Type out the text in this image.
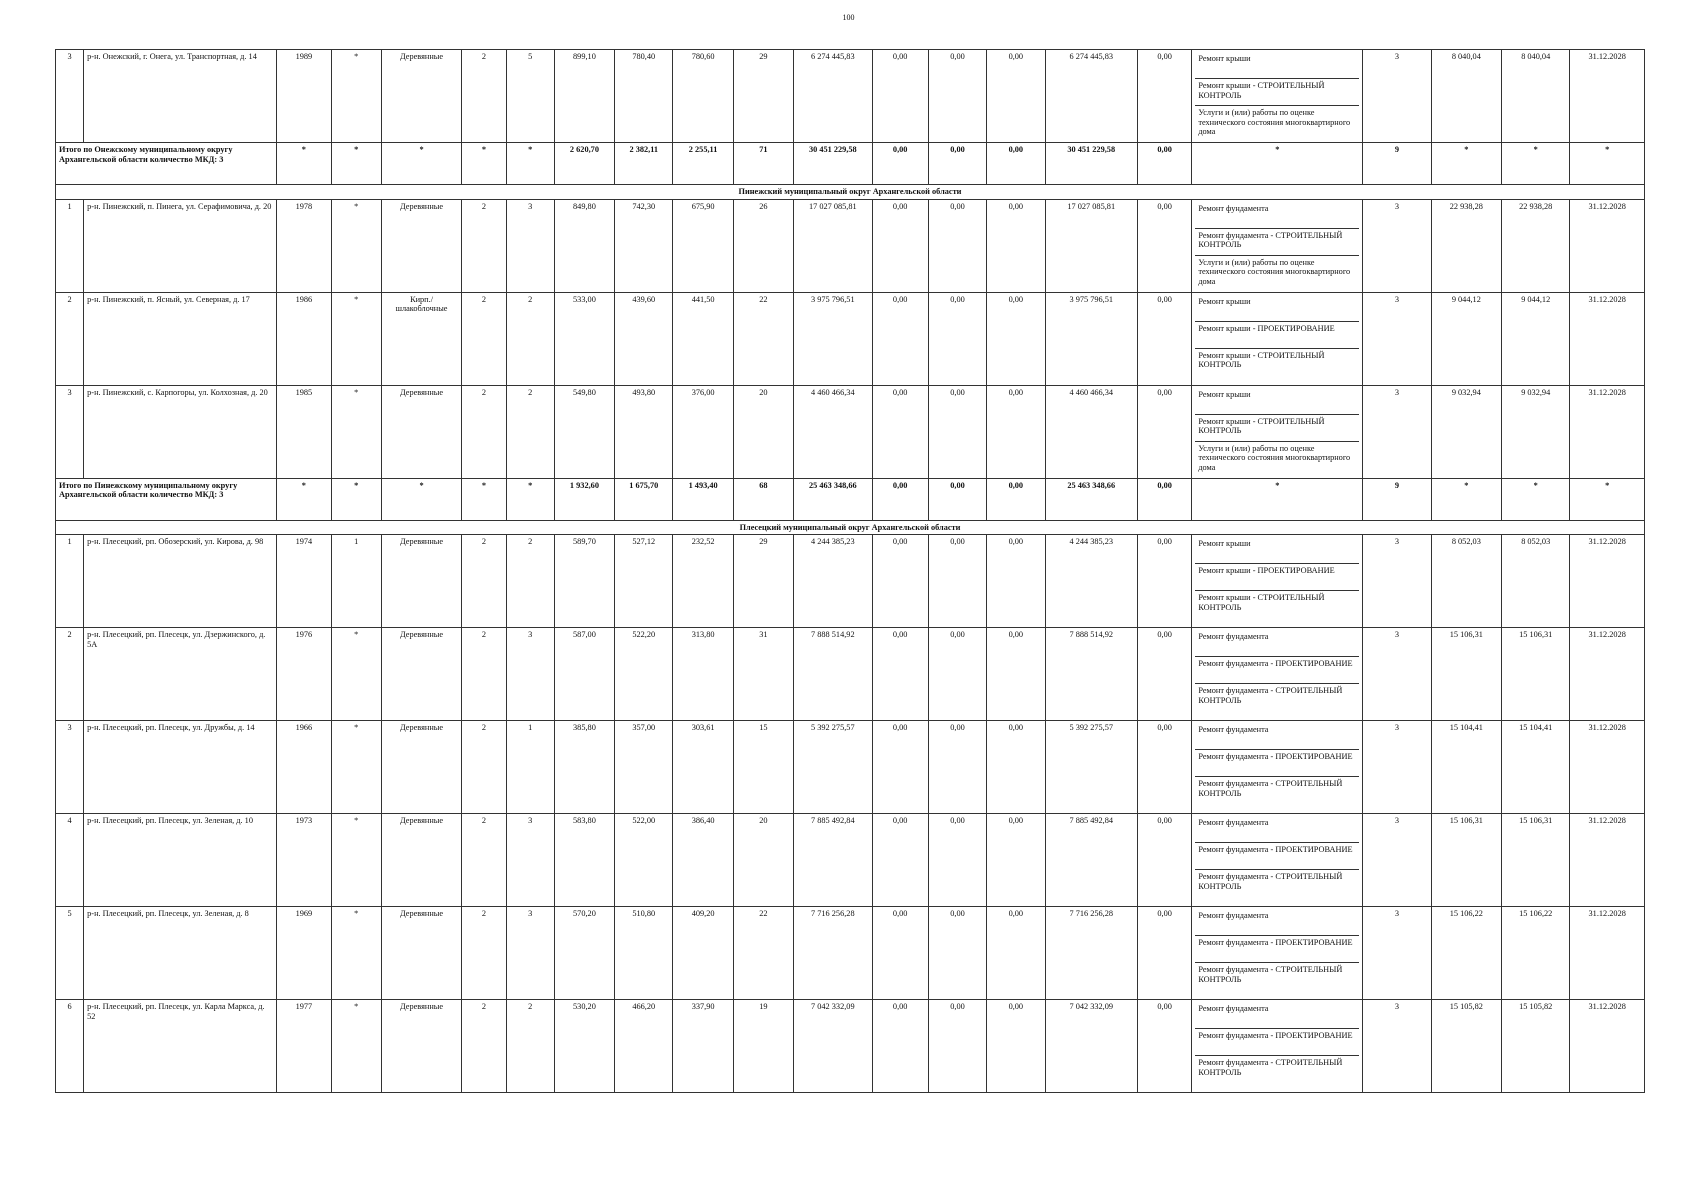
100
3	р-н. Онежский, г. Онега, ул. Транспортная, д. 14	1989	*	Деревянные	2	5	899,10	780,40	780,60	29	6 274 445,83	0,00	0,00	0,00	6 274 445,83	0,00	Ремонт крыши
Ремонт крыши - СТРОИТЕЛЬНЫЙ КОНТРОЛЬ
Услуги и (или) работы по оценке технического состояния многоквартирного дома	3	8 040,04	8 040,04	31.12.2028
Итого по Онежскому муниципальному округу Архангельской области количество МКД: 3		*	*	*	*	*	2 620,70	2 382,11	2 255,11	71	30 451 229,58	0,00	0,00	0,00	30 451 229,58	0,00	*	9	*	*	*
Пинежский муниципальный округ Архангельской области																					
1	р-н. Пинежский, п. Пинега, ул. Серафимовича, д. 20	1978	*	Деревянные	2	3	849,80	742,30	675,90	26	17 027 085,81	0,00	0,00	0,00	17 027 085,81	0,00	Ремонт фундамента
Ремонт фундамента - СТРОИТЕЛЬНЫЙ КОНТРОЛЬ
Услуги и (или) работы по оценке технического состояния многоквартирного дома	3	22 938,28	22 938,28	31.12.2028
2	р-н. Пинежский, п. Ясный, ул. Северная, д. 17	1986	*	Кирп./ шлакоблочные	2	2	533,00	439,60	441,50	22	3 975 796,51	0,00	0,00	0,00	3 975 796,51	0,00	Ремонт крыши
Ремонт крыши - ПРОЕКТИРОВАНИЕ
Ремонт крыши - СТРОИТЕЛЬНЫЙ КОНТРОЛЬ	3	9 044,12	9 044,12	31.12.2028
3	р-н. Пинежский, с. Карпогоры, ул. Колхозная, д. 20	1985	*	Деревянные	2	2	549,80	493,80	376,00	20	4 460 466,34	0,00	0,00	0,00	4 460 466,34	0,00	Ремонт крыши
Ремонт крыши - СТРОИТЕЛЬНЫЙ КОНТРОЛЬ
Услуги и (или) работы по оценке технического состояния многоквартирного дома	3	9 032,94	9 032,94	31.12.2028
Итого по Пинежскому муниципальному округу Архангельской области количество МКД: 3		*	*	*	*	*	1 932,60	1 675,70	1 493,40	68	25 463 348,66	0,00	0,00	0,00	25 463 348,66	0,00	*	9	*	*	*
Плесецкий муниципальный округ Архангельской области																					
1	р-н. Плесецкий, рп. Обозерский, ул. Кирова, д. 98	1974	1	Деревянные	2	2	589,70	527,12	232,52	29	4 244 385,23	0,00	0,00	0,00	4 244 385,23	0,00	Ремонт крыши
Ремонт крыши - ПРОЕКТИРОВАНИЕ
Ремонт крыши - СТРОИТЕЛЬНЫЙ КОНТРОЛЬ	3	8 052,03	8 052,03	31.12.2028
2	р-н. Плесецкий, рп. Плесецк, ул. Дзержинского, д. 5А	1976	*	Деревянные	2	3	587,00	522,20	313,80	31	7 888 514,92	0,00	0,00	0,00	7 888 514,92	0,00	Ремонт фундамента
Ремонт фундамента - ПРОЕКТИРОВАНИЕ
Ремонт фундамента - СТРОИТЕЛЬНЫЙ КОНТРОЛЬ	3	15 106,31	15 106,31	31.12.2028
3	р-н. Плесецкий, рп. Плесецк, ул. Дружбы, д. 14	1966	*	Деревянные	2	1	385,80	357,00	303,61	15	5 392 275,57	0,00	0,00	0,00	5 392 275,57	0,00	Ремонт фундамента
Ремонт фундамента - ПРОЕКТИРОВАНИЕ
Ремонт фундамента - СТРОИТЕЛЬНЫЙ КОНТРОЛЬ	3	15 104,41	15 104,41	31.12.2028
4	р-н. Плесецкий, рп. Плесецк, ул. Зеленая, д. 10	1973	*	Деревянные	2	3	583,80	522,00	386,40	20	7 885 492,84	0,00	0,00	0,00	7 885 492,84	0,00	Ремонт фундамента
Ремонт фундамента - ПРОЕКТИРОВАНИЕ
Ремонт фундамента - СТРОИТЕЛЬНЫЙ КОНТРОЛЬ	3	15 106,31	15 106,31	31.12.2028
5	р-н. Плесецкий, рп. Плесецк, ул. Зеленая, д. 8	1969	*	Деревянные	2	3	570,20	510,80	409,20	22	7 716 256,28	0,00	0,00	0,00	7 716 256,28	0,00	Ремонт фундамента
Ремонт фундамента - ПРОЕКТИРОВАНИЕ
Ремонт фундамента - СТРОИТЕЛЬНЫЙ КОНТРОЛЬ	3	15 106,22	15 106,22	31.12.2028
6	р-н. Плесецкий, рп. Плесецк, ул. Карла Маркса, д. 52	1977	*	Деревянные	2	2	530,20	466,20	337,90	19	7 042 332,09	0,00	0,00	0,00	7 042 332,09	0,00	Ремонт фундамента
Ремонт фундамента - ПРОЕКТИРОВАНИЕ
Ремонт фундамента - СТРОИТЕЛЬНЫЙ КОНТРОЛЬ	3	15 105,82	15 105,82	31.12.2028
